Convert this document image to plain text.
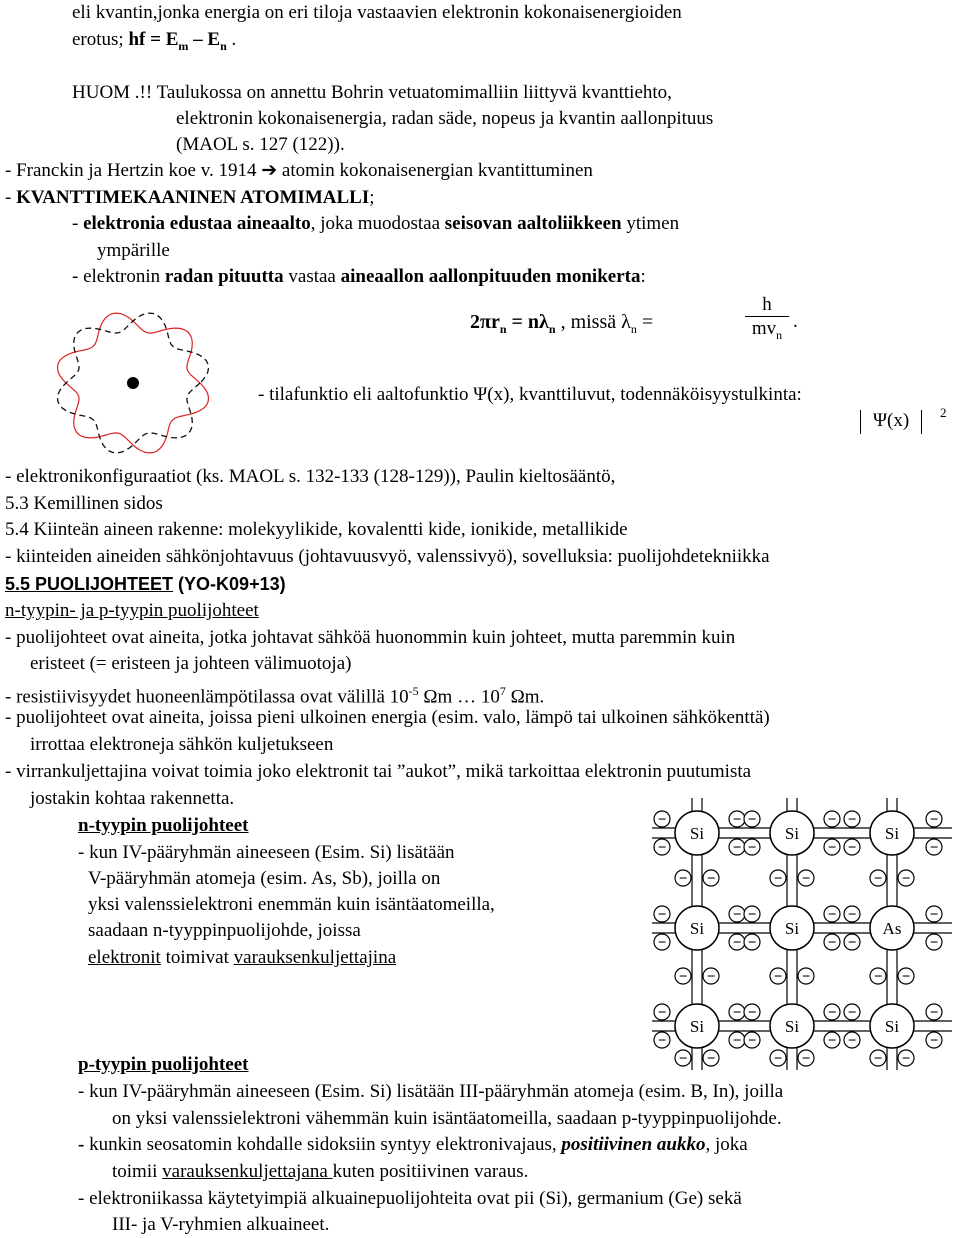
eli kvantin,jonka energia on eri tiloja vastaavien elektronin kokonaisenergioiden
erotus; hf = $E_m - E_n$ .
HUOM .!! Taulukossa on annettu Bohrin vetuatomimalliin liittyvä kvanttiehto,
elektronin kokonaisenergia, radan säde, nopeus ja kvantin aallonpituus
(MAOL s. 127 (122)).
- Franckin ja Hertzin koe v. 1914 ➔ atomin kokonaisenergian kvantittuminen
- KVANTTIMEKAANINEN ATOMIMALLI;
- elektronia edustaa aineaalto, joka muodostaa seisovan aaltoliikkeen ytimen
ympärille
- elektronin radan pituutta vastaa aineaallon aallonpituuden monikerta:
$2\pi r_n = n\lambda_n$ , missä $\lambda_n$ =
h
$mv_n$
.
- tilafunktio eli aaltofunktio Ψ(x), kvanttiluvut, todennäköisyystulkinta:
Ψ(x)	2
- elektronikonfiguraatiot (ks. MAOL s. 132-133 (128-129)), Paulin kieltosääntö,
5.3 Kemillinen sidos
5.4 Kiinteän aineen rakenne: molekyylikide, kovalentti kide, ionikide, metallikide
- kiinteiden aineiden sähkönjohtavuus (johtavuusvyö, valenssivyö), sovelluksia: puolijohdetekniikka
5.5 PUOLIJOHTEET (YO-K09+13)
n-tyypin- ja p-tyypin puolijohteet
- puolijohteet ovat aineita, jotka johtavat sähköä huonommin kuin johteet, mutta paremmin kuin
eristeet (= eristeen ja johteen välimuotoja)
- resistiivisyydet huoneenlämpötilassa ovat välillä $10^{-5}$ Ωm … $10^7$ Ωm.
- puolijohteet ovat aineita, joissa pieni ulkoinen energia (esim. valo, lämpö tai ulkoinen sähkökenttä)
irrottaa elektroneja sähkön kuljetukseen
- virrankuljettajina voivat toimia joko elektronit tai ”aukot”, mikä tarkoittaa elektronin puutumista
jostakin kohtaa rakennetta.
n-tyypin puolijohteet
- kun IV-pääryhmän aineeseen (Esim. Si) lisätään
V-pääryhmän atomeja (esim. As, Sb), joilla on
yksi valenssielektroni enemmän kuin isäntäatomeilla,
saadaan n-tyyppinpuolijohde, joissa
elektronit toimivat varauksenkuljettajina
−
−
−
−
−
−
−
−
−
−
−
−
−
−
−
−
−
−
−
−
−
−
−
−
−
−
−
−
−
−
−
−
−
−
−
−
− −
− −
− −
− −
− −
− −
− −
− −
− −
Si	Si	Si
Si	Si	As
Si	Si	Si
p-tyypin puolijohteet
- kun IV-pääryhmän aineeseen (Esim. Si) lisätään III-pääryhmän atomeja (esim. B, In), joilla
on yksi valenssielektroni vähemmän kuin isäntäatomeilla, saadaan p-tyyppinpuolijohde.
- kunkin seosatomin kohdalle sidoksiin syntyy elektronivajaus, positiivinen aukko, joka
toimii varauksenkuljettajana kuten positiivinen varaus.
- elektroniikassa käytetyimpiä alkuainepuolijohteita ovat pii (Si), germanium (Ge) sekä
III- ja V-ryhmien alkuaineet.
